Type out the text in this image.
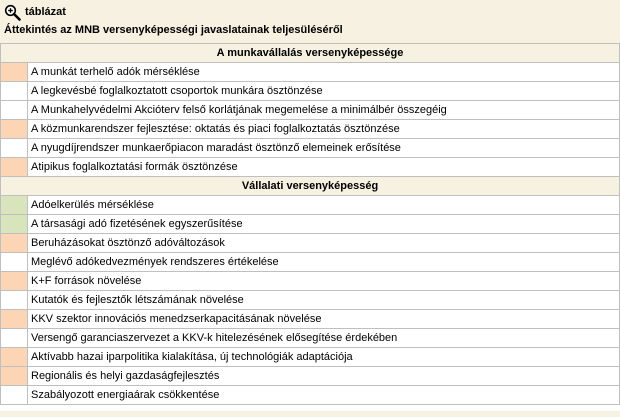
táblázat
Áttekintés az MNB versenyképességi javaslatainak teljesüléséről
A munkavállalás versenyképessége	
	A munkát terhelő adók mérséklése
	A legkevésbé foglalkoztatott csoportok munkára ösztönzése
	A Munkahelyvédelmi Akcióterv felső korlátjának megemelése a minimálbér összegéig
	A közmunkarendszer fejlesztése: oktatás és piaci foglalkoztatás ösztönzése
	A nyugdíjrendszer munkaerőpiacon maradást ösztönző elemeinek erősítése
	Atipikus foglalkoztatási formák ösztönzése
Vállalati versenyképesség	
	Adóelkerülés mérséklése
	A társasági adó fizetésének egyszerűsítése
	Beruházásokat ösztönző adóváltozások
	Meglévő adókedvezmények rendszeres értékelése
	K+F források növelése
	Kutatók és fejlesztők létszámának növelése
	KKV szektor innovációs menedzserkapacitásának növelése
	Versengő garanciaszervezet a KKV-k hitelezésének elősegítése érdekében
	Aktívabb hazai iparpolitika kialakítása, új technológiák adaptációja
	Regionális és helyi gazdaságfejlesztés
	Szabályozott energiaárak csökkentése
